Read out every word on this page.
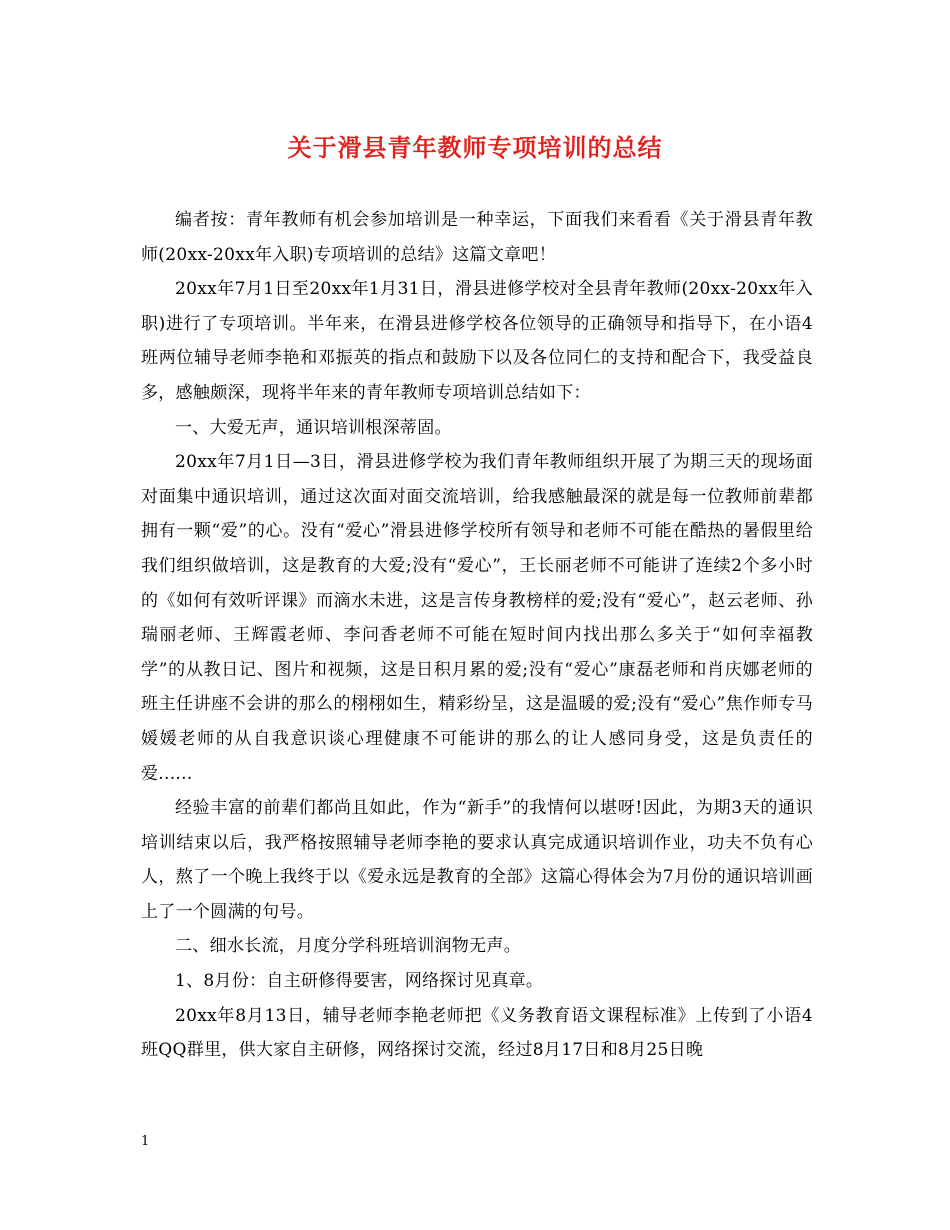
关于滑县青年教师专项培训的总结

编者按：青年教师有机会参加培训是一种幸运，下面我们来看看《关于滑县青年教师(20xx-20xx年入职)专项培训的总结》这篇文章吧！

20xx年7月1日至20xx年1月31日，滑县进修学校对全县青年教师(20xx-20xx年入职)进行了专项培训。半年来，在滑县进修学校各位领导的正确领导和指导下，在小语4班两位辅导老师李艳和邓振英的指点和鼓励下以及各位同仁的支持和配合下，我受益良多，感触颇深，现将半年来的青年教师专项培训总结如下：

一、大爱无声，通识培训根深蒂固。

20xx年7月1日—3日，滑县进修学校为我们青年教师组织开展了为期三天的现场面对面集中通识培训，通过这次面对面交流培训，给我感触最深的就是每一位教师前辈都拥有一颗“爱”的心。没有“爱心”滑县进修学校所有领导和老师不可能在酷热的暑假里给我们组织做培训，这是教育的大爱;没有“爱心”，王长丽老师不可能讲了连续2个多小时的《如何有效听评课》而滴水未进，这是言传身教榜样的爱;没有“爱心”，赵云老师、孙瑞丽老师、王辉霞老师、李问香老师不可能在短时间内找出那么多关于“如何幸福教学”的从教日记、图片和视频，这是日积月累的爱;没有“爱心”康磊老师和肖庆娜老师的班主任讲座不会讲的那么的栩栩如生，精彩纷呈，这是温暖的爱;没有“爱心”焦作师专马媛媛老师的从自我意识谈心理健康不可能讲的那么的让人感同身受，这是负责任的爱......

经验丰富的前辈们都尚且如此，作为“新手”的我情何以堪呀!因此，为期3天的通识培训结束以后，我严格按照辅导老师李艳的要求认真完成通识培训作业，功夫不负有心人，熬了一个晚上我终于以《爱永远是教育的全部》这篇心得体会为7月份的通识培训画上了一个圆满的句号。

二、细水长流，月度分学科班培训润物无声。

1、8月份：自主研修得要害，网络探讨见真章。

20xx年8月13日，辅导老师李艳老师把《义务教育语文课程标准》上传到了小语4班QQ群里，供大家自主研修，网络探讨交流，经过8月17日和8月25日晚

1
